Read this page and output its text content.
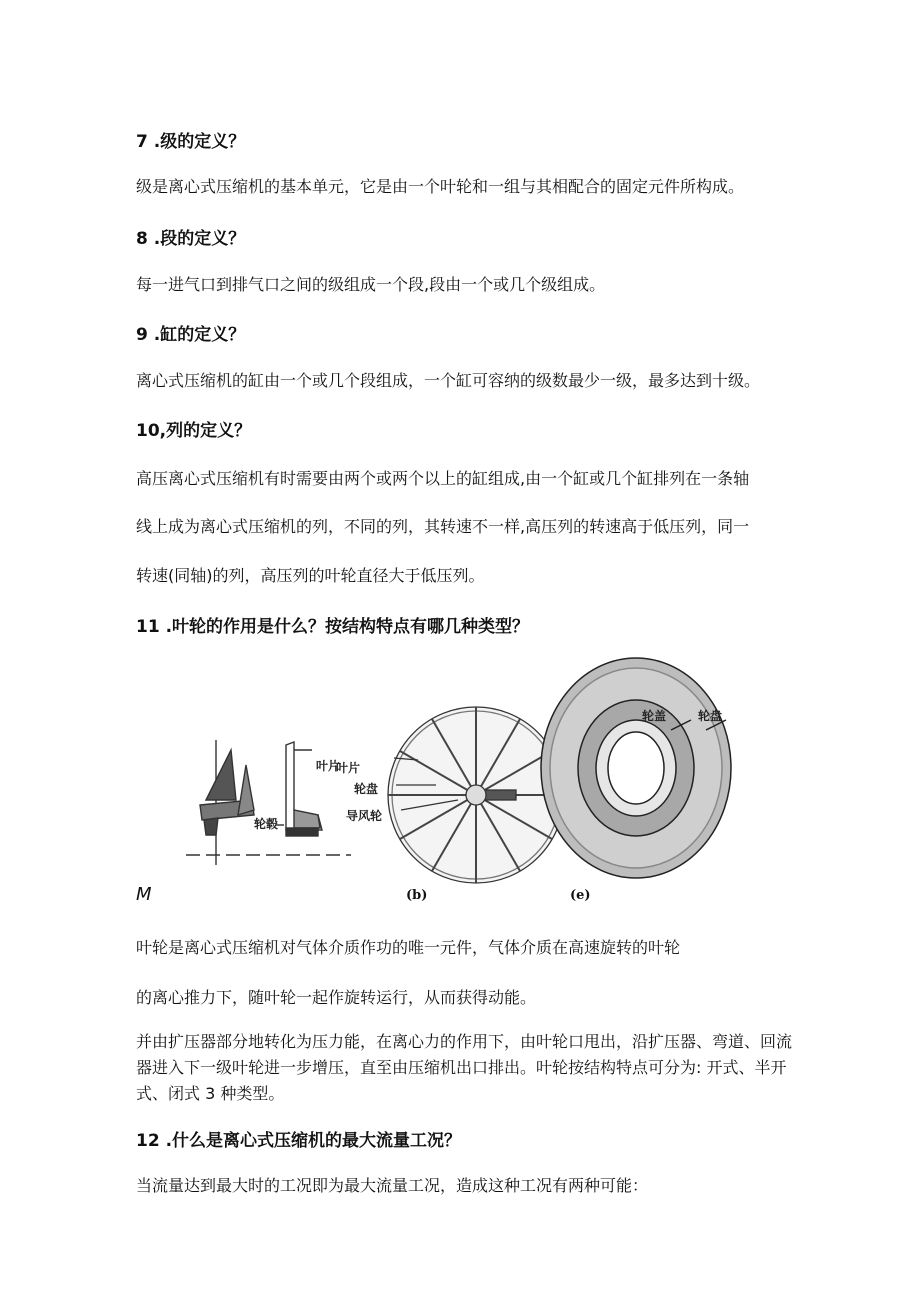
7 .级的定义？
级是离心式压缩机的基本单元，它是由一个叶轮和一组与其相配合的固定元件所构成。
8 .段的定义？
每一进气口到排气口之间的级组成一个段,段由一个或几个级组成。
9 .缸的定义？
离心式压缩机的缸由一个或几个段组成，一个缸可容纳的级数最少一级，最多达到十级。
10,列的定义？
高压离心式压缩机有时需要由两个或两个以上的缸组成,由一个缸或几个缸排列在一条轴
线上成为离心式压缩机的列，不同的列，其转速不一样,高压列的转速高于低压列，同一
转速(同轴)的列，高压列的叶轮直径大于低压列。
11 .叶轮的作用是什么？按结构特点有哪几种类型？
叶片
轮毂
叶片
轮盘
导风轮
轮盖	轮盘
M	(b)	(e)
叶轮是离心式压缩机对气体介质作功的唯一元件，气体介质在高速旋转的叶轮
的离心推力下，随叶轮一起作旋转运行，从而获得动能。
并由扩压器部分地转化为压力能，在离心力的作用下，由叶轮口甩出，沿扩压器、弯道、回流器进入下一级叶轮进一步增压，直至由压缩机出口排出。叶轮按结构特点可分为: 开式、半开式、闭式 3 种类型。
12 .什么是离心式压缩机的最大流量工况？
当流量达到最大时的工况即为最大流量工况，造成这种工况有两种可能：
